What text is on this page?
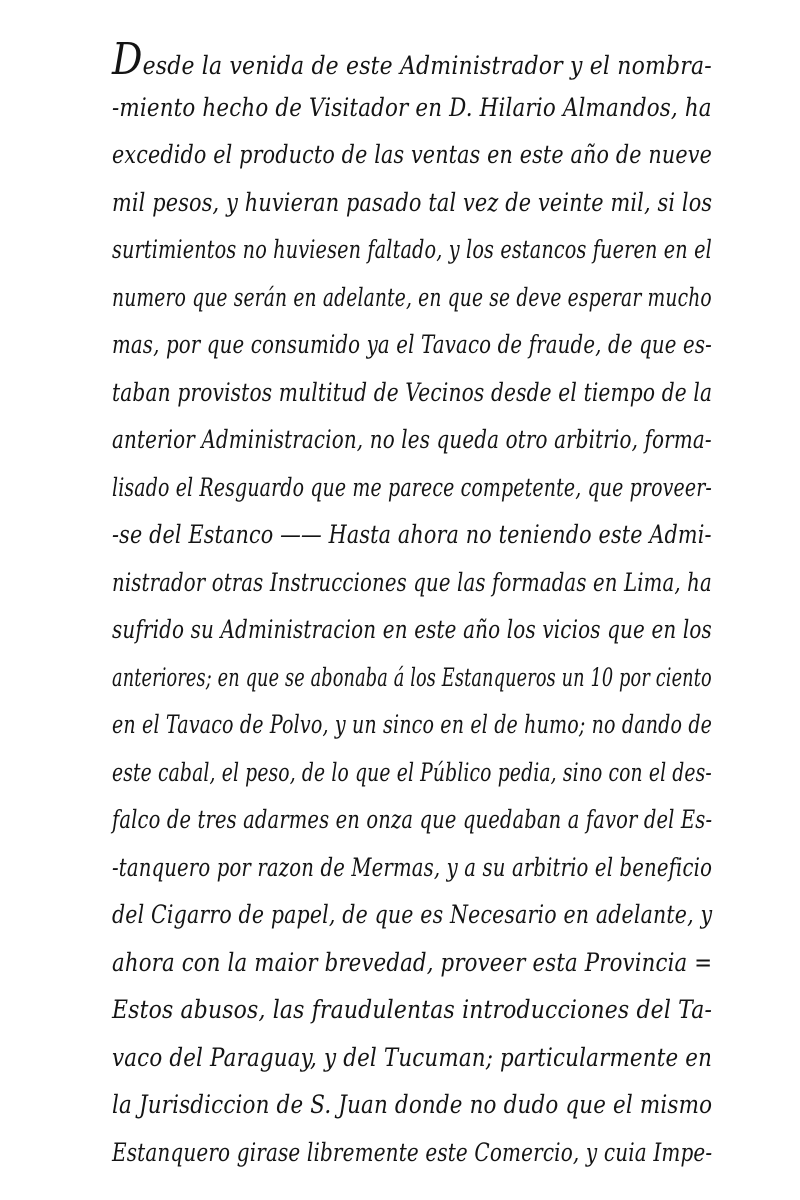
Desde la venida de este Administrador y el nombra-
-miento hecho de Visitador en D. Hilario Almandos, ha
excedido el producto de las ventas en este año de nueve
mil pesos, y huvieran pasado tal vez de veinte mil, si los
surtimientos no huviesen faltado, y los estancos fueren en el
numero que serán en adelante, en que se deve esperar mucho
mas, por que consumido ya el Tavaco de fraude, de que es-
taban provistos multitud de Vecinos desde el tiempo de la
anterior Administracion, no les queda otro arbitrio, forma-
lisado el Resguardo que me parece competente, que proveer-
-se del Estanco —— Hasta ahora no teniendo este Admi-
nistrador otras Instrucciones que las formadas en Lima, ha
sufrido su Administracion en este año los vicios que en los
anteriores; en que se abonaba á los Estanqueros un 10 por ciento
en el Tavaco de Polvo, y un sinco en el de humo; no dando de
este cabal, el peso, de lo que el Público pedia, sino con el des-
falco de tres adarmes en onza que quedaban a favor del Es-
-tanquero por razon de Mermas, y a su arbitrio el beneficio
del Cigarro de papel, de que es Necesario en adelante, y
ahora con la maior brevedad, proveer esta Provincia =
Estos abusos, las fraudulentas introducciones del Ta-
vaco del Paraguay, y del Tucuman; particularmente en
la Jurisdiccion de S. Juan donde no dudo que el mismo
Estanquero girase libremente este Comercio, y cuia Impe-
